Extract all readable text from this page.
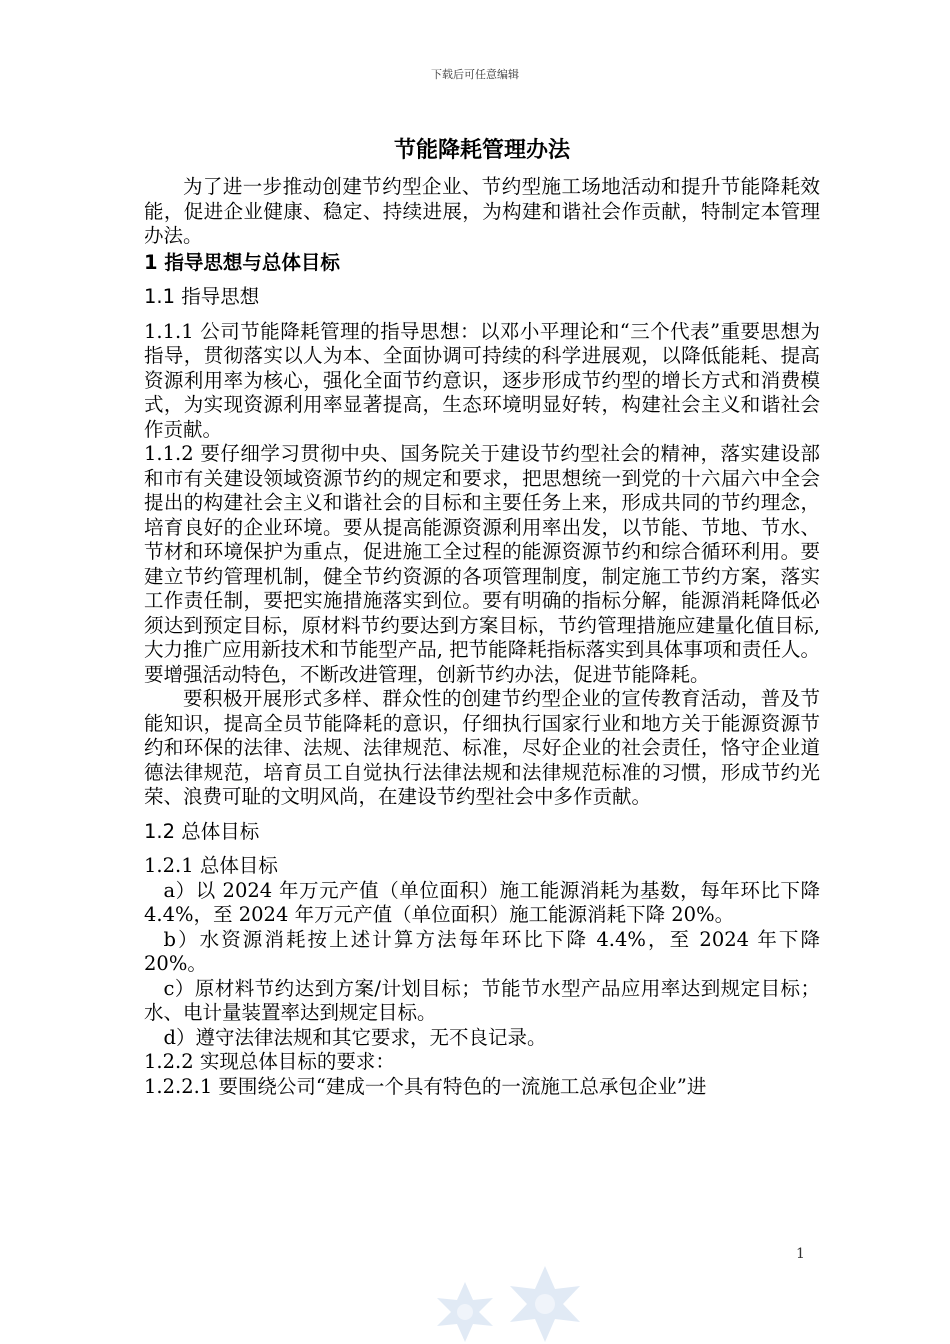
下载后可任意编辑
节能降耗管理办法

为了进一步推动创建节约型企业、节约型施工场地活动和提升节能降耗效能，促进企业健康、稳定、持续进展，为构建和谐社会作贡献，特制定本管理办法。

1 指导思想与总体目标
1.1 指导思想

1.1.1 公司节能降耗管理的指导思想：以邓小平理论和“三个代表”重要思想为指导，贯彻落实以人为本、全面协调可持续的科学进展观，以降低能耗、提高资源利用率为核心，强化全面节约意识，逐步形成节约型的增长方式和消费模式，为实现资源利用率显著提高，生态环境明显好转，构建社会主义和谐社会作贡献。

1.1.2 要仔细学习贯彻中央、国务院关于建设节约型社会的精神，落实建设部和市有关建设领域资源节约的规定和要求，把思想统一到党的十六届六中全会提出的构建社会主义和谐社会的目标和主要任务上来，形成共同的节约理念，培育良好的企业环境。要从提高能源资源利用率出发，以节能、节地、节水、节材和环境保护为重点，促进施工全过程的能源资源节约和综合循环利用。要建立节约管理机制，健全节约资源的各项管理制度，制定施工节约方案，落实工作责任制，要把实施措施落实到位。要有明确的指标分解，能源消耗降低必须达到预定目标，原材料节约要达到方案目标，节约管理措施应建量化值目标, 大力推广应用新技术和节能型产品, 把节能降耗指标落实到具体事项和责任人。要增强活动特色，不断改进管理，创新节约办法，促进节能降耗。

要积极开展形式多样、群众性的创建节约型企业的宣传教育活动，普及节能知识，提高全员节能降耗的意识，仔细执行国家行业和地方关于能源资源节约和环保的法律、法规、法律规范、标准，尽好企业的社会责任，恪守企业道德法律规范，培育员工自觉执行法律法规和法律规范标准的习惯，形成节约光荣、浪费可耻的文明风尚，在建设节约型社会中多作贡献。

1.2 总体目标

1.2.1 总体目标

a）以 2024 年万元产值（单位面积）施工能源消耗为基数，每年环比下降 4.4%，至 2024 年万元产值（单位面积）施工能源消耗下降 20%。

b）水资源消耗按上述计算方法每年环比下降 4.4%，至 2024 年下降 20%。

c）原材料节约达到方案/计划目标；节能节水型产品应用率达到规定目标；水、电计量装置率达到规定目标。

d）遵守法律法规和其它要求，无不良记录。

1.2.2 实现总体目标的要求：

1.2.2.1 要围绕公司“建成一个具有特色的一流施工总承包企业”进

1
